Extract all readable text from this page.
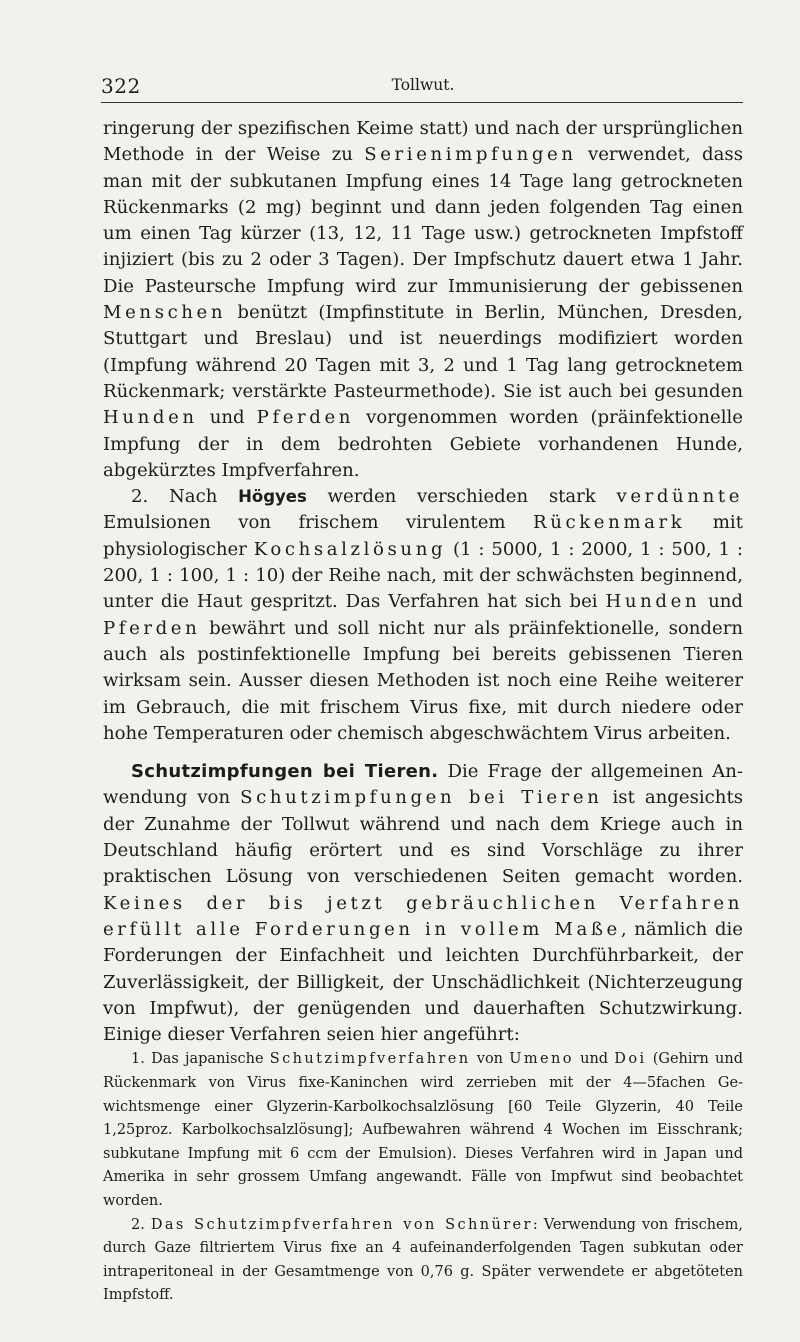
322	Tollwut.

ringerung der spezifischen Keime statt) und nach der ursprünglichen Methode in der Weise zu Serienimpfungen verwendet, dass man mit der subkutanen Impfung eines 14 Tage lang getrockneten Rückenmarks (2 mg) beginnt und dann jeden folgenden Tag einen um einen Tag kürzer (13, 12, 11 Tage usw.) getrockneten Impfstoff injiziert (bis zu 2 oder 3 Tagen). Der Impfschutz dauert etwa 1 Jahr. Die Pasteursche Impfung wird zur Immunisierung der gebissenen Menschen benützt (Impfinstitute in Berlin, München, Dresden, Stuttgart und Breslau) und ist neuerdings modifiziert worden (Impfung während 20 Tagen mit 3, 2 und 1 Tag lang getrocknetem Rückenmark; verstärkte Pasteurmethode). Sie ist auch bei gesunden Hunden und Pferden vorgenommen worden (präinfektionelle Impfung der in dem bedrohten Gebiete vorhandenen Hunde, abgekürztes Impfverfahren.

2. Nach Högyes werden verschieden stark verdünnte Emulsionen von frischem virulentem Rückenmark mit physiologischer Kochsalzlösung (1 : 5000, 1 : 2000, 1 : 500, 1 : 200, 1 : 100, 1 : 10) der Reihe nach, mit der schwächsten beginnend, unter die Haut gespritzt. Das Verfahren hat sich bei Hunden und Pferden bewährt und soll nicht nur als präinfektionelle, sondern auch als postinfektionelle Impfung bei bereits gebissenen Tieren wirksam sein. Ausser diesen Methoden ist noch eine Reihe weiterer im Gebrauch, die mit frischem Virus fixe, mit durch niedere oder hohe Temperaturen oder chemisch abgeschwächtem Virus arbeiten.

Schutzimpfungen bei Tieren. Die Frage der allgemeinen Anwendung von Schutzimpfungen bei Tieren ist angesichts der Zunahme der Tollwut während und nach dem Kriege auch in Deutschland häufig erörtert und es sind Vorschläge zu ihrer praktischen Lösung von verschiedenen Seiten gemacht worden. Keines der bis jetzt gebräuchlichen Verfahren erfüllt alle Forderungen in vollem Maße, nämlich die Forderungen der Einfachheit und leichten Durchführbarkeit, der Zuverlässigkeit, der Billigkeit, der Unschädlichkeit (Nichterzeugung von Impfwut), der genügenden und dauerhaften Schutzwirkung. Einige dieser Verfahren seien hier angeführt:

1. Das japanische Schutzimpfverfahren von Umeno und Doi (Gehirn und Rückenmark von Virus fixe-Kaninchen wird zerrieben mit der 4—5fachen Gewichtsmenge einer Glyzerin-Karbolkochsalzlösung [60 Teile Glyzerin, 40 Teile 1,25proz. Karbolkochsalzlösung]; Aufbewahren während 4 Wochen im Eisschrank; subkutane Impfung mit 6 ccm der Emulsion). Dieses Verfahren wird in Japan und Amerika in sehr grossem Umfang angewandt. Fälle von Impfwut sind beobachtet worden.

2. Das Schutzimpfverfahren von Schnürer: Verwendung von frischem, durch Gaze filtriertem Virus fixe an 4 aufeinanderfolgenden Tagen subkutan oder intraperitoneal in der Gesamtmenge von 0,76 g. Später verwendete er abgetöteten Impfstoff.
